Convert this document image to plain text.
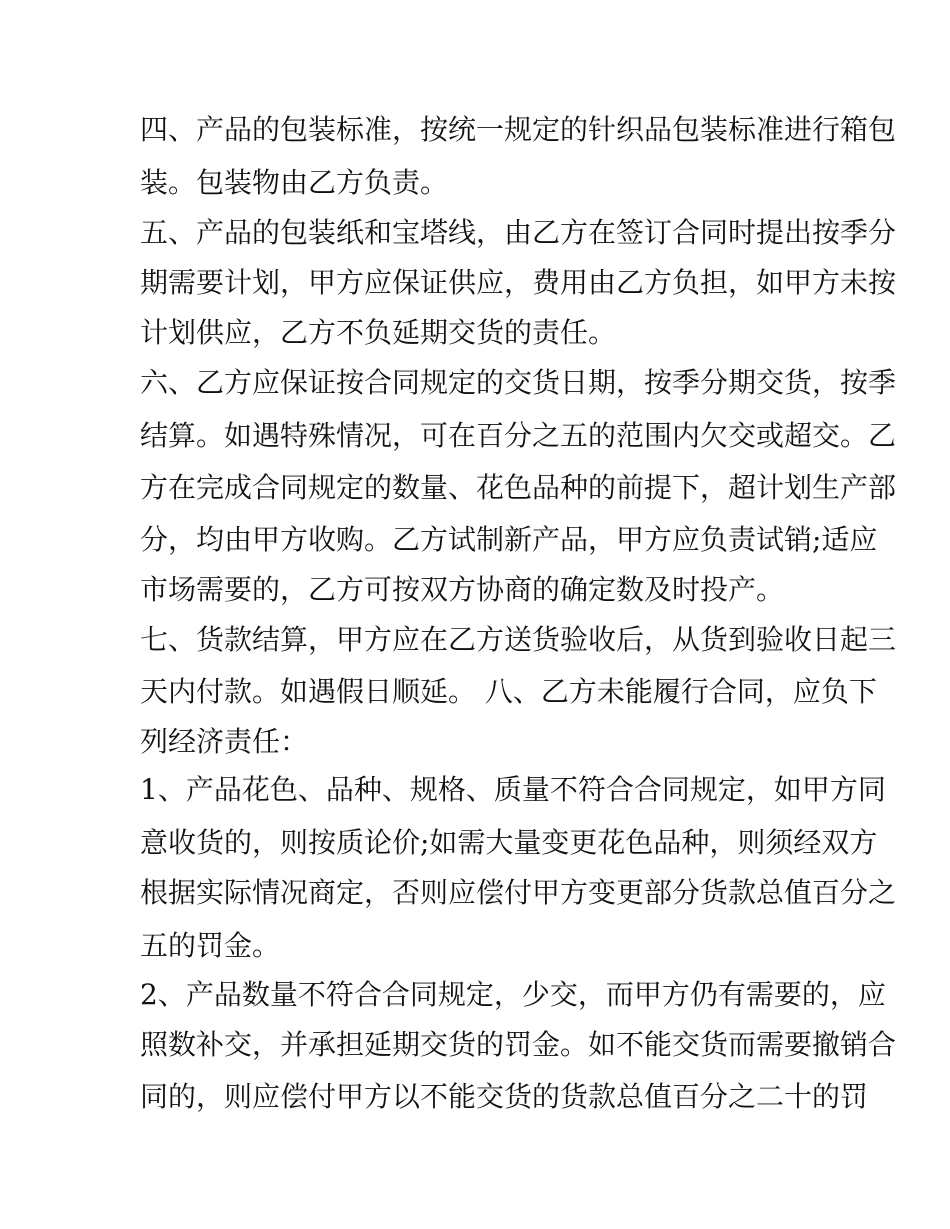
四、产品的包装标准，按统一规定的针织品包装标准进行箱包
装。包装物由乙方负责。
五、产品的包装纸和宝塔线，由乙方在签订合同时提出按季分
期需要计划，甲方应保证供应，费用由乙方负担，如甲方未按
计划供应，乙方不负延期交货的责任。
六、乙方应保证按合同规定的交货日期，按季分期交货，按季
结算。如遇特殊情况，可在百分之五的范围内欠交或超交。乙
方在完成合同规定的数量、花色品种的前提下，超计划生产部
分，均由甲方收购。乙方试制新产品，甲方应负责试销;适应
市场需要的，乙方可按双方协商的确定数及时投产。
七、货款结算，甲方应在乙方送货验收后，从货到验收日起三
天内付款。如遇假日顺延。 八、乙方未能履行合同，应负下
列经济责任：
1、产品花色、品种、规格、质量不符合合同规定，如甲方同
意收货的，则按质论价;如需大量变更花色品种，则须经双方
根据实际情况商定，否则应偿付甲方变更部分货款总值百分之
五的罚金。
2、产品数量不符合合同规定，少交，而甲方仍有需要的，应
照数补交，并承担延期交货的罚金。如不能交货而需要撤销合
同的，则应偿付甲方以不能交货的货款总值百分之二十的罚
